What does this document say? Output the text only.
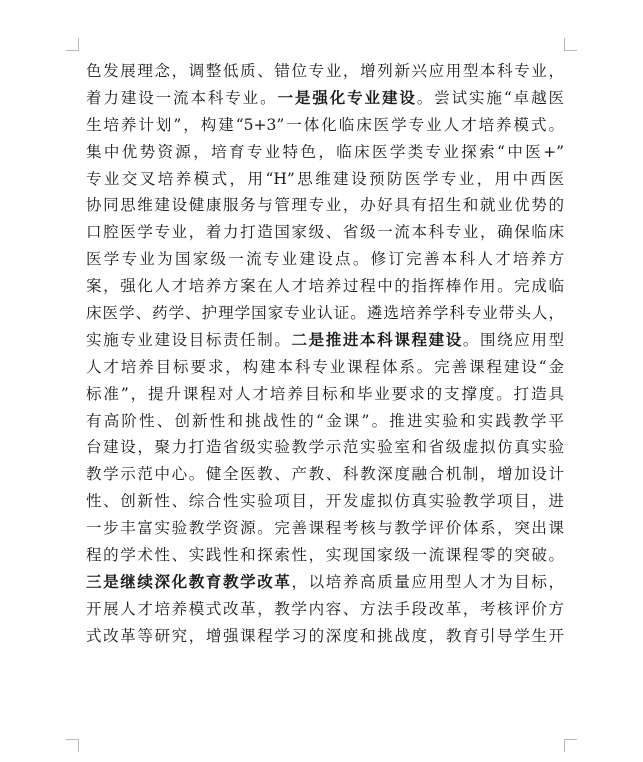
色发展理念，调整低质、错位专业，增列新兴应用型本科专业，
着力建设一流本科专业。一是强化专业建设。尝试实施“卓越医
生培养计划”，构建“5+3”一体化临床医学专业人才培养模式。
集中优势资源，培育专业特色，临床医学类专业探索“中医+”
专业交叉培养模式，用“H”思维建设预防医学专业，用中西医
协同思维建设健康服务与管理专业，办好具有招生和就业优势的
口腔医学专业，着力打造国家级、省级一流本科专业，确保临床
医学专业为国家级一流专业建设点。修订完善本科人才培养方
案，强化人才培养方案在人才培养过程中的指挥棒作用。完成临
床医学、药学、护理学国家专业认证。遴选培养学科专业带头人，
实施专业建设目标责任制。二是推进本科课程建设。围绕应用型
人才培养目标要求，构建本科专业课程体系。完善课程建设“金
标准”，提升课程对人才培养目标和毕业要求的支撑度。打造具
有高阶性、创新性和挑战性的“金课”。推进实验和实践教学平
台建设，聚力打造省级实验教学示范实验室和省级虚拟仿真实验
教学示范中心。健全医教、产教、科教深度融合机制，增加设计
性、创新性、综合性实验项目，开发虚拟仿真实验教学项目，进
一步丰富实验教学资源。完善课程考核与教学评价体系，突出课
程的学术性、实践性和探索性，实现国家级一流课程零的突破。
三是继续深化教育教学改革，以培养高质量应用型人才为目标，
开展人才培养模式改革，教学内容、方法手段改革，考核评价方
式改革等研究，增强课程学习的深度和挑战度，教育引导学生开
